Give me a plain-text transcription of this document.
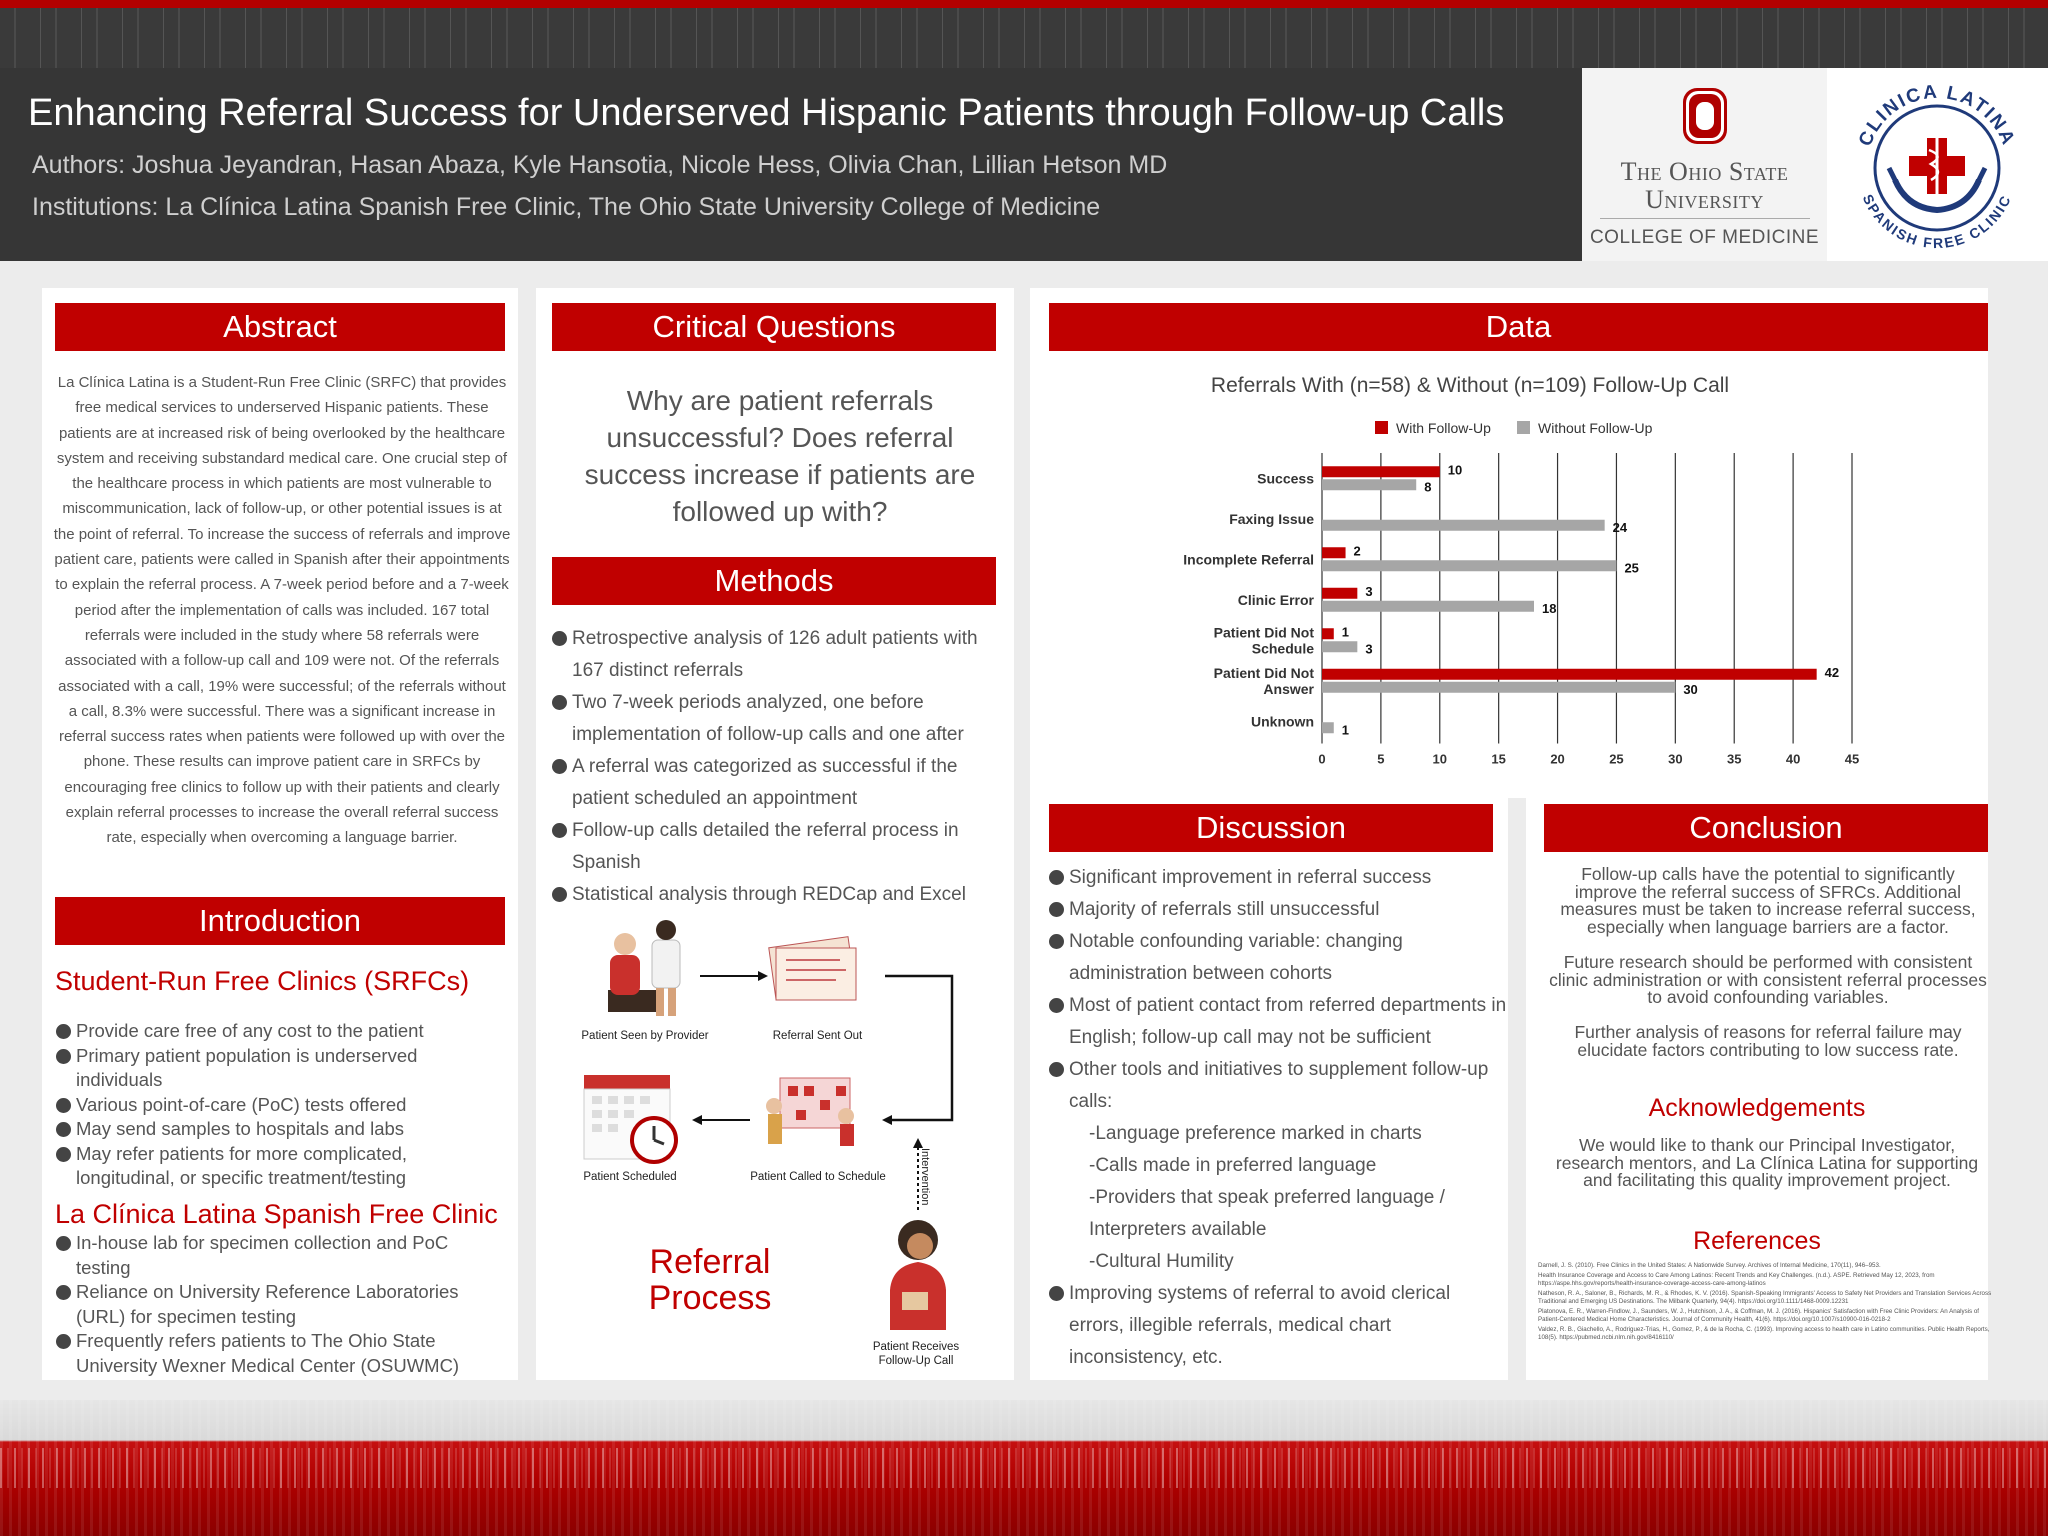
Enhancing Referral Success for Underserved Hispanic Patients through Follow-up Calls
Authors: Joshua Jeyandran, Hasan Abaza, Kyle Hansotia, Nicole Hess, Olivia Chan, Lillian Hetson MD
Institutions: La Clínica Latina Spanish Free Clinic, The Ohio State University College of Medicine
The Ohio State
University
COLLEGE OF MEDICINE
CLINICA LATINA
SPANISH FREE CLINIC
Abstract
La Clínica Latina is a Student-Run Free Clinic (SRFC) that provides free medical services to underserved Hispanic patients. These patients are at increased risk of being overlooked by the healthcare system and receiving substandard medical care. One crucial step of the healthcare process in which patients are most vulnerable to miscommunication, lack of follow-up, or other potential issues is at the point of referral. To increase the success of referrals and improve patient care, patients were called in Spanish after their appointments to explain the referral process. A 7-week period before and a 7-week period after the implementation of calls was included. 167 total referrals were included in the study where 58 referrals were associated with a follow-up call and 109 were not. Of the referrals associated with a call, 19% were successful; of the referrals without a call, 8.3% were successful. There was a significant increase in referral success rates when patients were followed up with over the phone. These results can improve patient care in SRFCs by encouraging free clinics to follow up with their patients and clearly explain referral processes to increase the overall referral success rate, especially when overcoming a language barrier.
Introduction
Student-Run Free Clinics (SRFCs)
Provide care free of any cost to the patient
Primary patient population is underserved individuals
Various point-of-care (PoC) tests offered
May send samples to hospitals and labs
May refer patients for more complicated, longitudinal, or specific treatment/testing
La Clínica Latina Spanish Free Clinic
In-house lab for specimen collection and PoC testing
Reliance on University Reference Laboratories (URL) for specimen testing
Frequently refers patients to The Ohio State University Wexner Medical Center (OSUWMC)
Critical Questions
Why are patient referrals unsuccessful? Does referral success increase if patients are followed up with?
Methods
Retrospective analysis of 126 adult patients with 167 distinct referrals
Two 7-week periods analyzed, one before implementation of follow-up calls and one after
A referral was categorized as successful if the patient scheduled an appointment
Follow-up calls detailed the referral process in Spanish
Statistical analysis through REDCap and Excel
Intervention
Patient Seen by Provider	Referral Sent Out
Patient Scheduled	Patient Called to Schedule
Patient Receives Follow-Up Call
Referral Process
Data
Referrals With (n=58) & Without (n=109) Follow-Up Call
With Follow-Up	Without Follow-Up
10
8
24
2
25
3
18
1
3
42
30
1
Success
Faxing Issue
Incomplete Referral
Clinic Error
Patient Did Not
Schedule
Patient Did Not
Answer
Unknown
0	5	10	15	20	25	30	35	40	45
Discussion
Significant improvement in referral success
Majority of referrals still unsuccessful
Notable confounding variable: changing administration between cohorts
Most of patient contact from referred departments in English; follow-up call may not be sufficient
Other tools and initiatives to supplement follow-up calls:
-Language preference marked in charts
-Calls made in preferred language
-Providers that speak preferred language / Interpreters available
-Cultural Humility
Improving systems of referral to avoid clerical errors, illegible referrals, medical chart inconsistency, etc.
Conclusion
Follow-up calls have the potential to significantly improve the referral success of SFRCs. Additional measures must be taken to increase referral success, especially when language barriers are a factor.
Future research should be performed with consistent clinic administration or with consistent referral processes to avoid confounding variables.
Further analysis of reasons for referral failure may elucidate factors contributing to low success rate.
Acknowledgements
We would like to thank our Principal Investigator, research mentors, and La Clínica Latina for supporting and facilitating this quality improvement project.
References

Darnell, J. S. (2010). Free Clinics in the United States: A Nationwide Survey. Archives of Internal Medicine, 170(11), 946–953.

Health Insurance Coverage and Access to Care Among Latinos: Recent Trends and Key Challenges. (n.d.). ASPE. Retrieved May 12, 2023, from https://aspe.hhs.gov/reports/health-insurance-coverage-access-care-among-latinos

Natheson, R. A., Saloner, B., Richards, M. R., & Rhodes, K. V. (2016). Spanish-Speaking Immigrants' Access to Safety Net Providers and Translation Services Across Traditional and Emerging US Destinations. The Milbank Quarterly, 94(4). https://doi.org/10.1111/1468-0009.12231

Platonova, E. R., Warren-Findlow, J., Saunders, W. J., Hutchison, J. A., & Coffman, M. J. (2016). Hispanics' Satisfaction with Free Clinic Providers: An Analysis of Patient-Centered Medical Home Characteristics. Journal of Community Health, 41(6). https://doi.org/10.1007/s10900-016-0218-2

Valdez, R. B., Giachello, A., Rodriguez-Trias, H., Gomez, P., & de la Rocha, C. (1993). Improving access to health care in Latino communities. Public Health Reports, 108(5). https://pubmed.ncbi.nlm.nih.gov/8416110/
